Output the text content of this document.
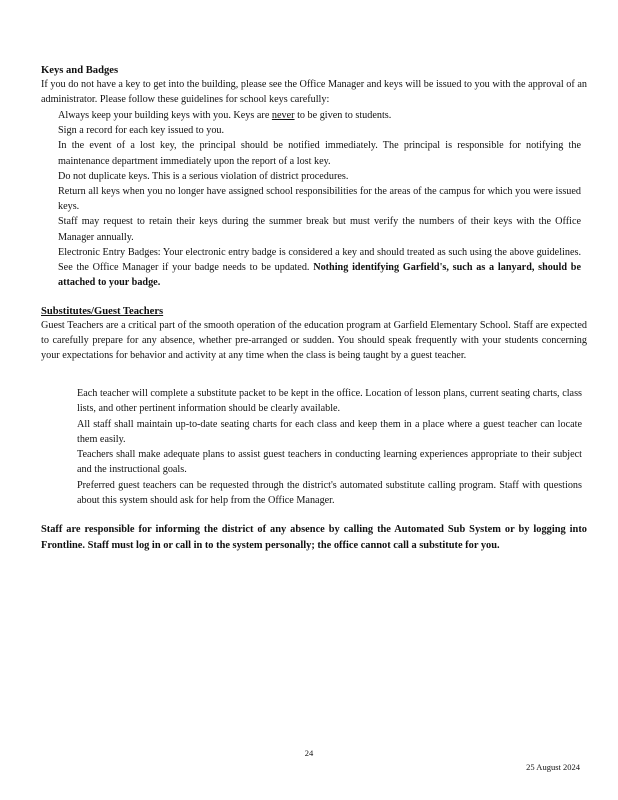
Keys and Badges
If you do not have a key to get into the building, please see the Office Manager and keys will be issued to you with the approval of an administrator. Please follow these guidelines for school keys carefully:
Always keep your building keys with you. Keys are never to be given to students.
Sign a record for each key issued to you.
In the event of a lost key, the principal should be notified immediately. The principal is responsible for notifying the maintenance department immediately upon the report of a lost key.
Do not duplicate keys. This is a serious violation of district procedures.
Return all keys when you no longer have assigned school responsibilities for the areas of the campus for which you were issued keys.
Staff may request to retain their keys during the summer break but must verify the numbers of their keys with the Office Manager annually.
Electronic Entry Badges: Your electronic entry badge is considered a key and should treated as such using the above guidelines. See the Office Manager if your badge needs to be updated. Nothing identifying Garfield's, such as a lanyard, should be attached to your badge.
Substitutes/Guest Teachers
Guest Teachers are a critical part of the smooth operation of the education program at Garfield Elementary School. Staff are expected to carefully prepare for any absence, whether pre-arranged or sudden. You should speak frequently with your students concerning your expectations for behavior and activity at any time when the class is being taught by a guest teacher.
Each teacher will complete a substitute packet to be kept in the office. Location of lesson plans, current seating charts, class lists, and other pertinent information should be clearly available.
All staff shall maintain up-to-date seating charts for each class and keep them in a place where a guest teacher can locate them easily.
Teachers shall make adequate plans to assist guest teachers in conducting learning experiences appropriate to their subject and the instructional goals.
Preferred guest teachers can be requested through the district's automated substitute calling program. Staff with questions about this system should ask for help from the Office Manager.
Staff are responsible for informing the district of any absence by calling the Automated Sub System or by logging into Frontline. Staff must log in or call in to the system personally; the office cannot call a substitute for you.
24
25 August 2024
